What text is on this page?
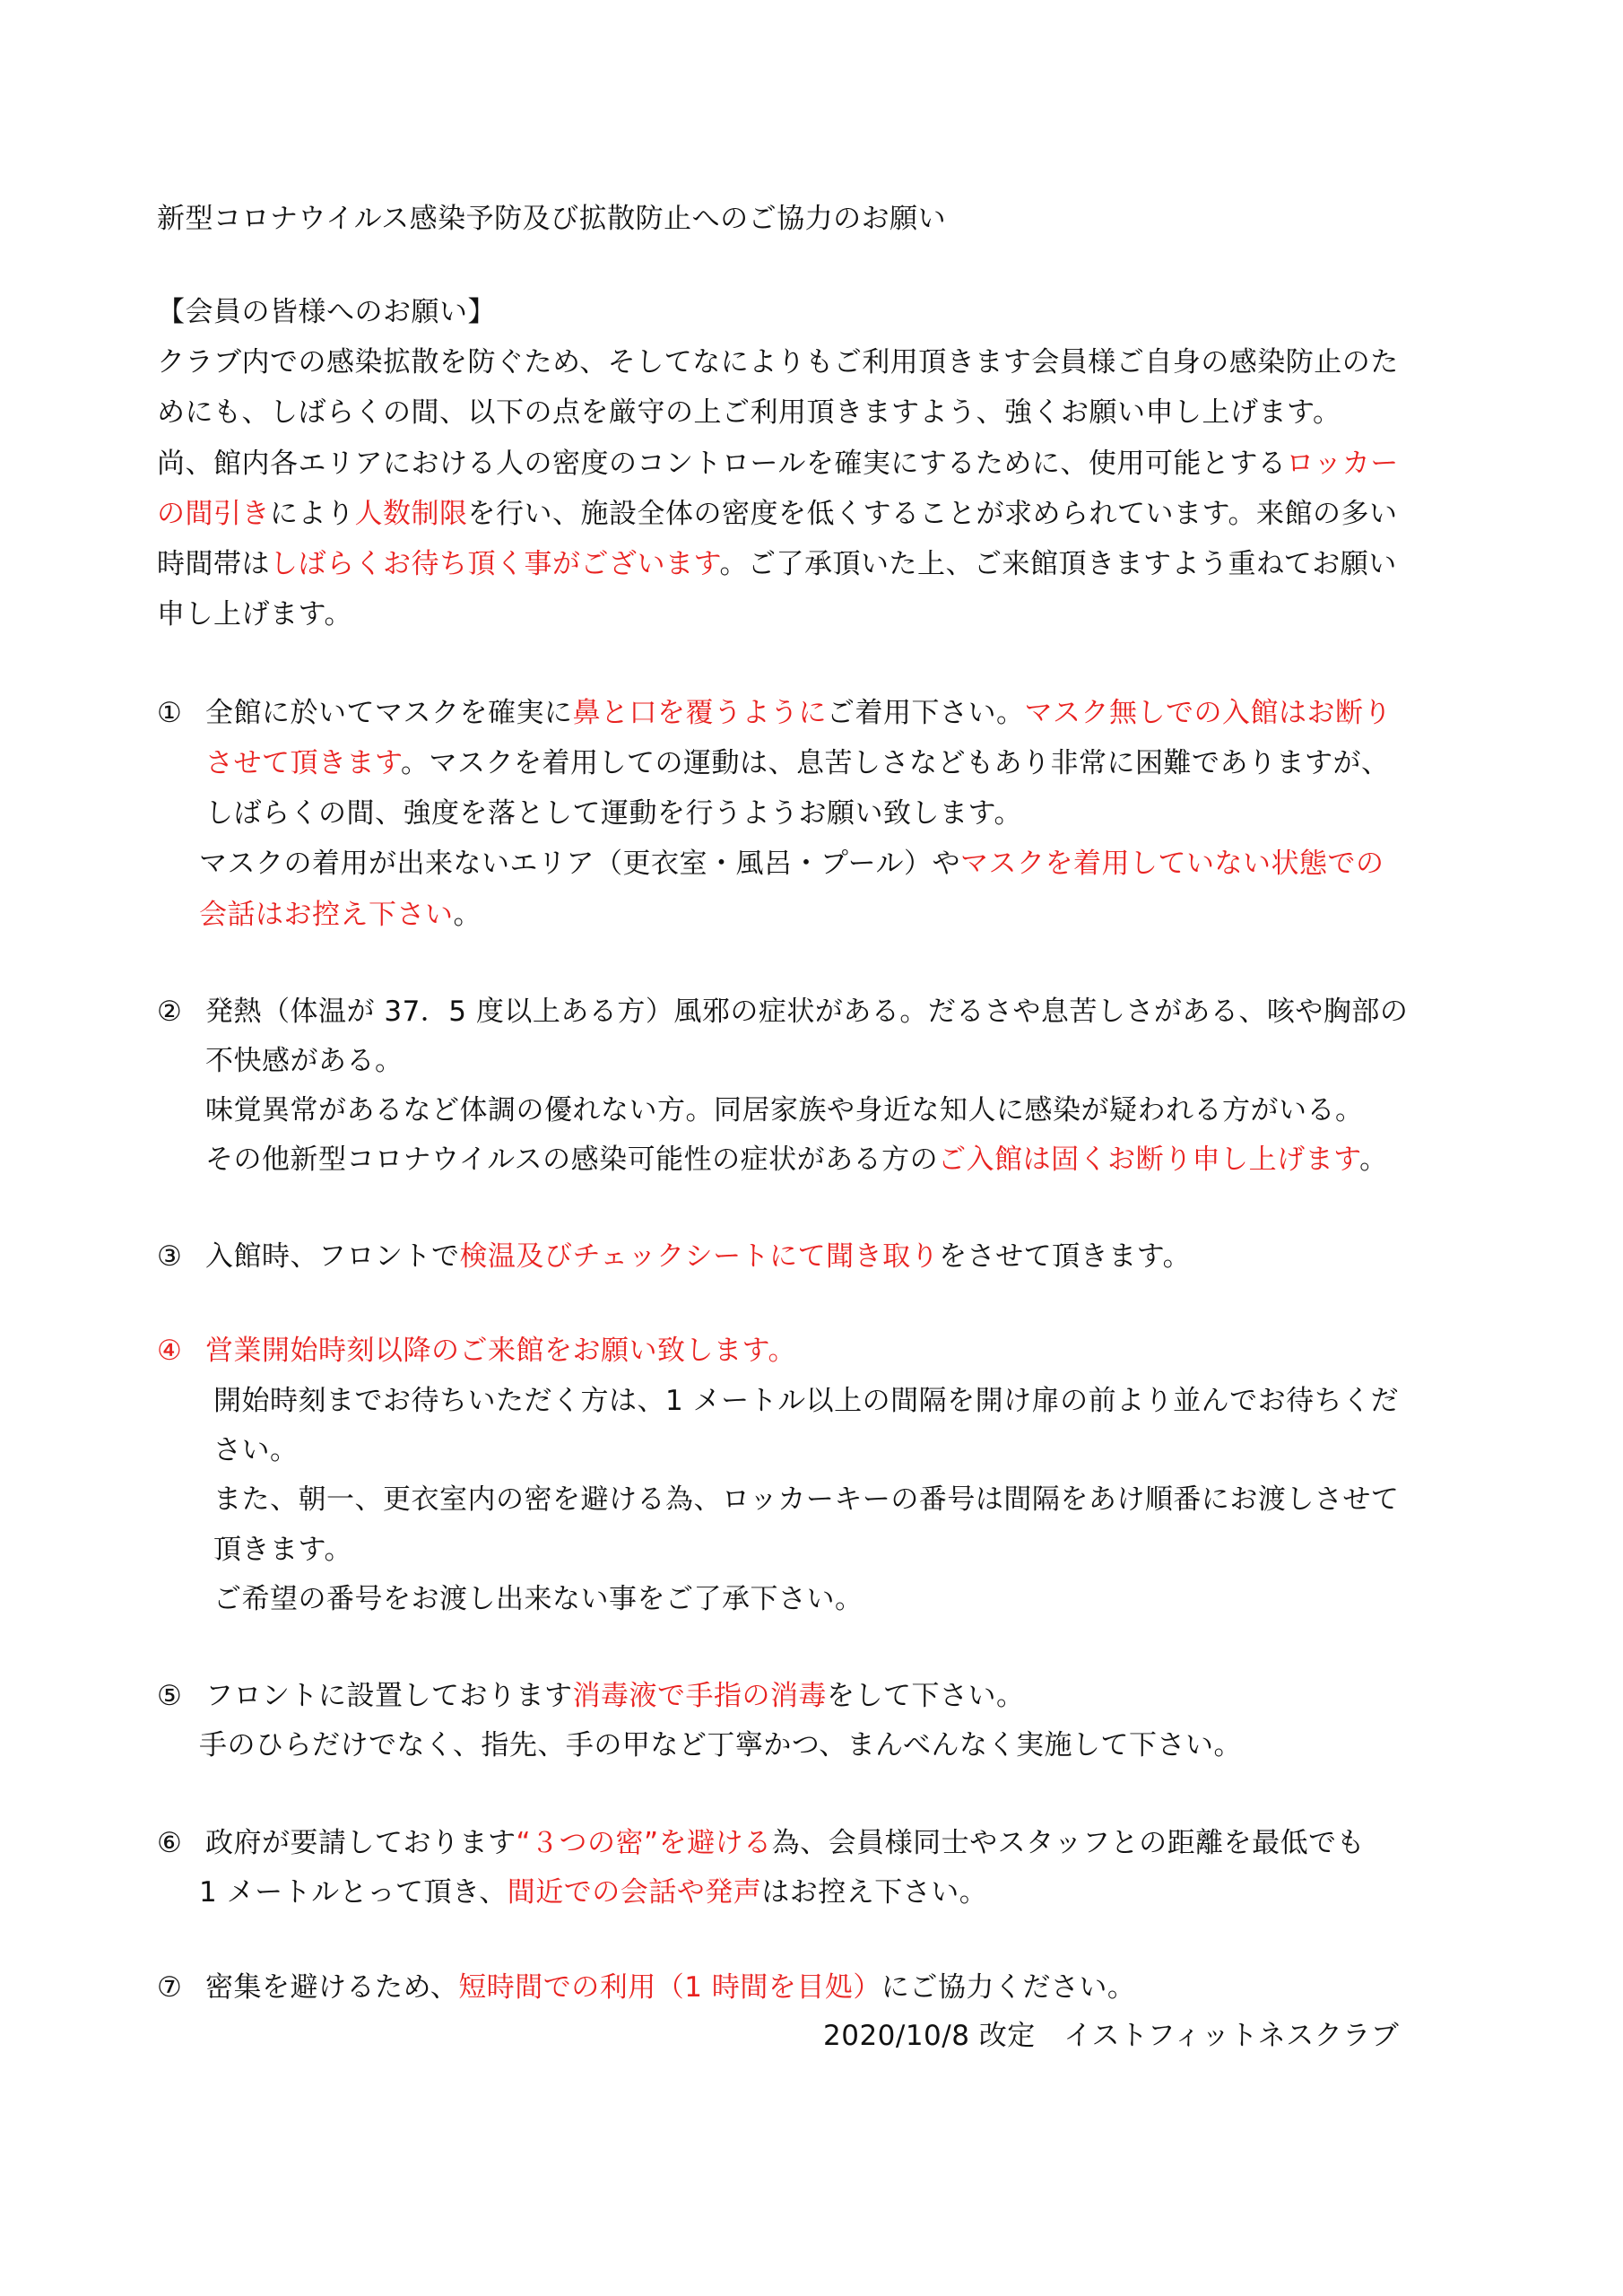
新型コロナウイルス感染予防及び拡散防止へのご協力のお願い
【会員の皆様へのお願い】
クラブ内での感染拡散を防ぐため、そしてなによりもご利用頂きます会員様ご自身の感染防止のた
めにも、しばらくの間、以下の点を厳守の上ご利用頂きますよう、強くお願い申し上げます。
尚、館内各エリアにおける人の密度のコントロールを確実にするために、使用可能とするロッカー
の間引きにより人数制限を行い、施設全体の密度を低くすることが求められています。来館の多い
時間帯はしばらくお待ち頂く事がございます。ご了承頂いた上、ご来館頂きますよう重ねてお願い
申し上げます。
① 全館に於いてマスクを確実に鼻と口を覆うようにご着用下さい。マスク無しでの入館はお断り
させて頂きます。マスクを着用しての運動は、息苦しさなどもあり非常に困難でありますが、
しばらくの間、強度を落として運動を行うようお願い致します。
マスクの着用が出来ないエリア（更衣室・風呂・プール）やマスクを着用していない状態での
会話はお控え下さい。
② 発熱（体温が 37．5 度以上ある方）風邪の症状がある。だるさや息苦しさがある、咳や胸部の
不快感がある。
味覚異常があるなど体調の優れない方。同居家族や身近な知人に感染が疑われる方がいる。
その他新型コロナウイルスの感染可能性の症状がある方のご入館は固くお断り申し上げます。
③ 入館時、フロントで検温及びチェックシートにて聞き取りをさせて頂きます。
④ 営業開始時刻以降のご来館をお願い致します。
開始時刻までお待ちいただく方は、1 メートル以上の間隔を開け扉の前より並んでお待ちくだ
さい。
また、朝一、更衣室内の密を避ける為、ロッカーキーの番号は間隔をあけ順番にお渡しさせて
頂きます。
ご希望の番号をお渡し出来ない事をご了承下さい。
⑤ フロントに設置しております消毒液で手指の消毒をして下さい。
手のひらだけでなく、指先、手の甲など丁寧かつ、まんべんなく実施して下さい。
⑥ 政府が要請しております“３つの密”を避ける為、会員様同士やスタッフとの距離を最低でも
1 メートルとって頂き、間近での会話や発声はお控え下さい。
⑦ 密集を避けるため、短時間での利用（1 時間を目処）にご協力ください。
2020/10/8 改定　イストフィットネスクラブ
